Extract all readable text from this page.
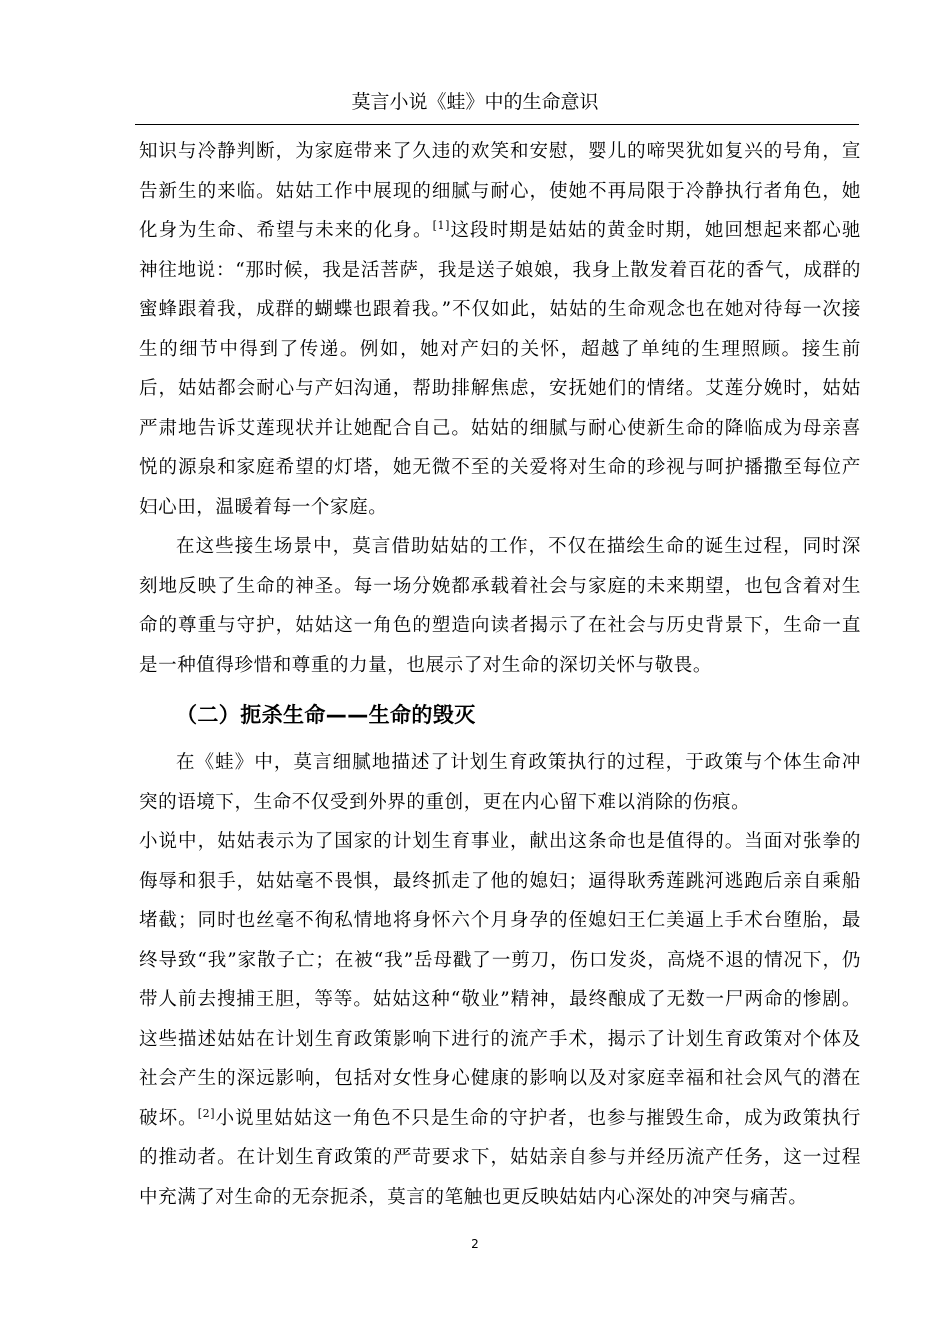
莫言小说《蛙》中的生命意识

知识与冷静判断，为家庭带来了久违的欢笑和安慰，婴儿的啼哭犹如复兴的号角，宣告新生的来临。姑姑工作中展现的细腻与耐心，使她不再局限于冷静执行者角色，她化身为生命、希望与未来的化身。[1]这段时期是姑姑的黄金时期，她回想起来都心驰神往地说：“那时候，我是活菩萨，我是送子娘娘，我身上散发着百花的香气，成群的蜜蜂跟着我，成群的蝴蝶也跟着我。”不仅如此，姑姑的生命观念也在她对待每一次接生的细节中得到了传递。例如，她对产妇的关怀，超越了单纯的生理照顾。接生前后，姑姑都会耐心与产妇沟通，帮助排解焦虑，安抚她们的情绪。艾莲分娩时，姑姑严肃地告诉艾莲现状并让她配合自己。姑姑的细腻与耐心使新生命的降临成为母亲喜悦的源泉和家庭希望的灯塔，她无微不至的关爱将对生命的珍视与呵护播撒至每位产妇心田，温暖着每一个家庭。

在这些接生场景中，莫言借助姑姑的工作，不仅在描绘生命的诞生过程，同时深刻地反映了生命的神圣。每一场分娩都承载着社会与家庭的未来期望，也包含着对生命的尊重与守护，姑姑这一角色的塑造向读者揭示了在社会与历史背景下，生命一直是一种值得珍惜和尊重的力量，也展示了对生命的深切关怀与敬畏。

（二）扼杀生命——生命的毁灭

在《蛙》中，莫言细腻地描述了计划生育政策执行的过程，于政策与个体生命冲突的语境下，生命不仅受到外界的重创，更在内心留下难以消除的伤痕。

小说中，姑姑表示为了国家的计划生育事业，献出这条命也是值得的。当面对张拳的侮辱和狠手，姑姑毫不畏惧，最终抓走了他的媳妇；逼得耿秀莲跳河逃跑后亲自乘船堵截；同时也丝毫不徇私情地将身怀六个月身孕的侄媳妇王仁美逼上手术台堕胎，最终导致“我”家散子亡；在被“我”岳母戳了一剪刀，伤口发炎，高烧不退的情况下，仍带人前去搜捕王胆，等等。姑姑这种“敬业”精神，最终酿成了无数一尸两命的惨剧。这些描述姑姑在计划生育政策影响下进行的流产手术，揭示了计划生育政策对个体及社会产生的深远影响，包括对女性身心健康的影响以及对家庭幸福和社会风气的潜在破坏。[2]小说里姑姑这一角色不只是生命的守护者，也参与摧毁生命，成为政策执行的推动者。在计划生育政策的严苛要求下，姑姑亲自参与并经历流产任务，这一过程中充满了对生命的无奈扼杀，莫言的笔触也更反映姑姑内心深处的冲突与痛苦。

2
